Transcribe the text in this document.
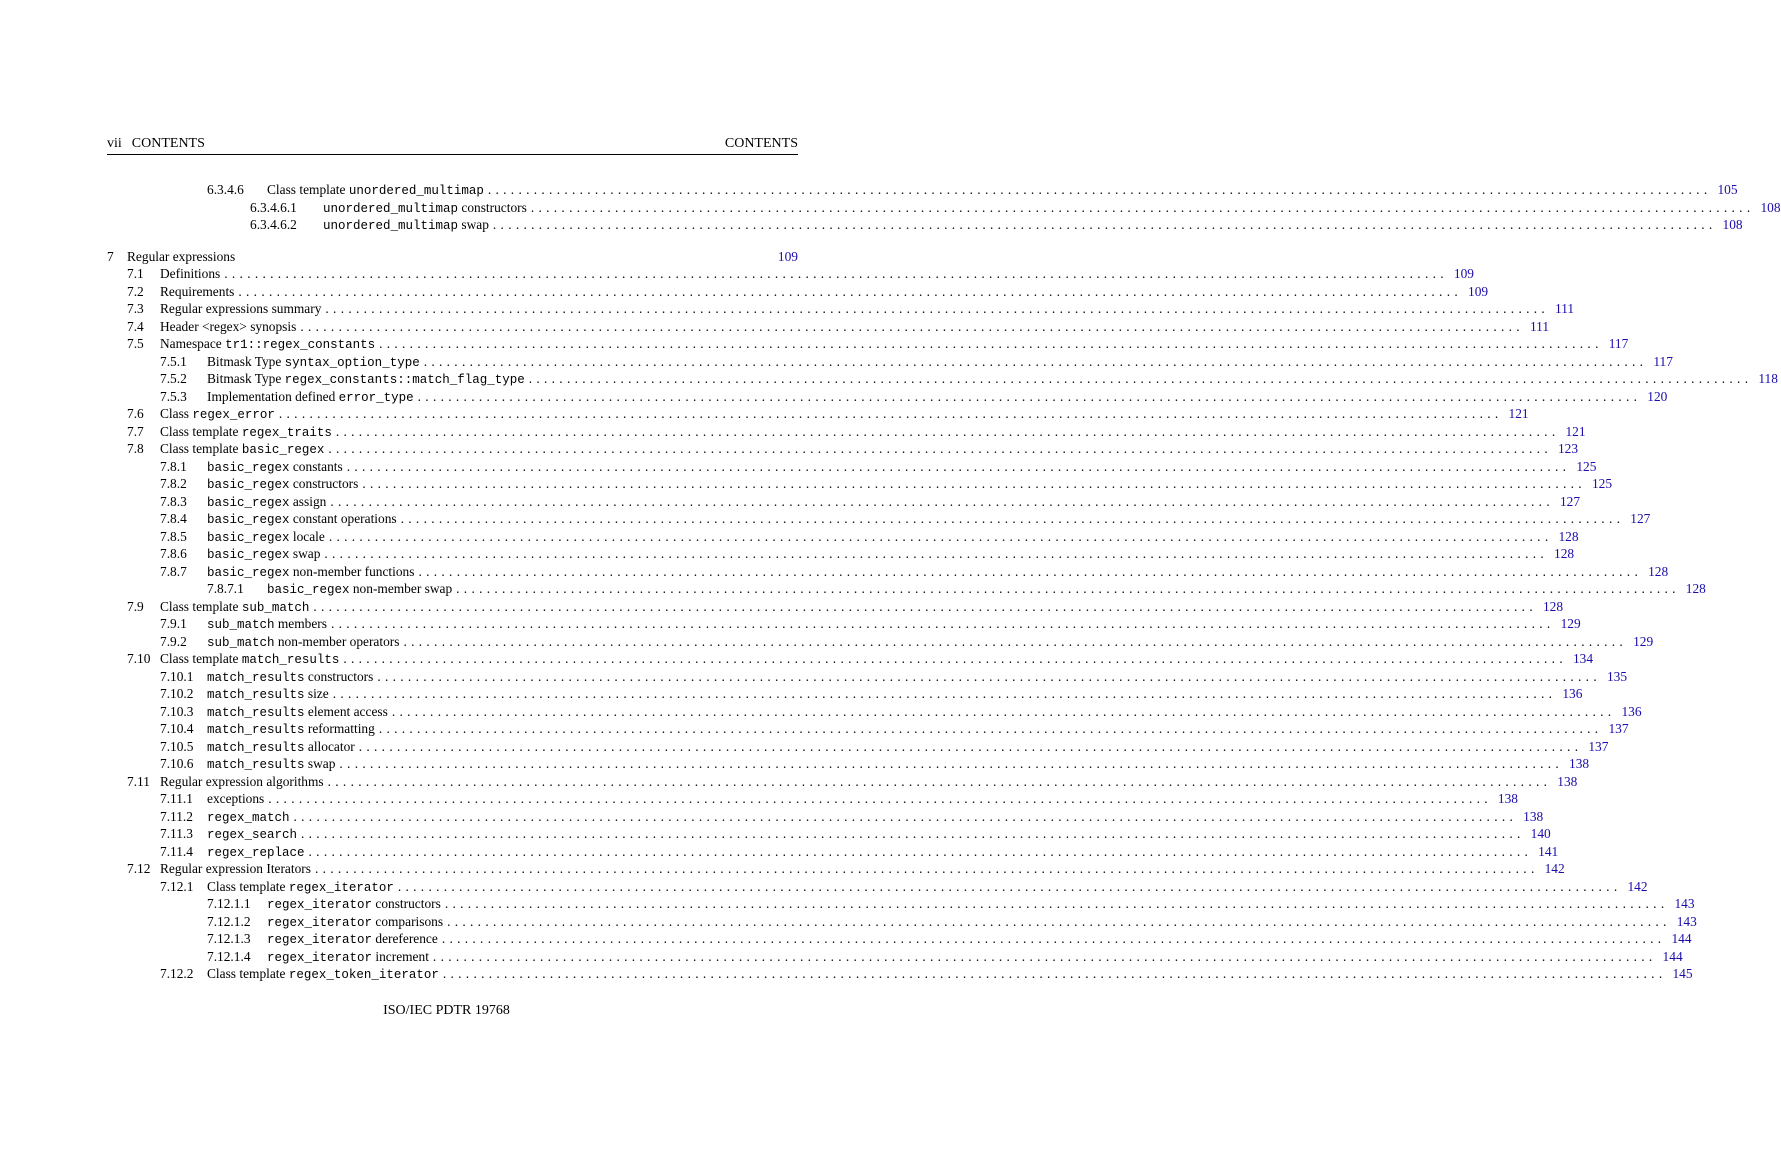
vii CONTENTS	CONTENTS
6.3.4.6 Class template unordered_multimap ................................................................................................................................................................ 105
6.3.4.6.1 unordered_multimap constructors ................................................................................................................................................................ 108
6.3.4.6.2 unordered_multimap swap ................................................................................................................................................................ 108
7 Regular expressions	109
7.1 Definitions ................................................................................................................................................................ 109
7.2 Requirements ................................................................................................................................................................ 109
7.3 Regular expressions summary ................................................................................................................................................................ 111
7.4 Header <regex> synopsis ................................................................................................................................................................ 111
7.5 Namespace tr1::regex_constants ................................................................................................................................................................ 117
7.5.1 Bitmask Type syntax_option_type ................................................................................................................................................................ 117
7.5.2 Bitmask Type regex_constants::match_flag_type ................................................................................................................................................................ 118
7.5.3 Implementation defined error_type ................................................................................................................................................................ 120
7.6 Class regex_error ................................................................................................................................................................ 121
7.7 Class template regex_traits ................................................................................................................................................................ 121
7.8 Class template basic_regex ................................................................................................................................................................ 123
7.8.1 basic_regex constants ................................................................................................................................................................ 125
7.8.2 basic_regex constructors ................................................................................................................................................................ 125
7.8.3 basic_regex assign ................................................................................................................................................................ 127
7.8.4 basic_regex constant operations ................................................................................................................................................................ 127
7.8.5 basic_regex locale ................................................................................................................................................................ 128
7.8.6 basic_regex swap ................................................................................................................................................................ 128
7.8.7 basic_regex non-member functions ................................................................................................................................................................ 128
7.8.7.1 basic_regex non-member swap ................................................................................................................................................................ 128
7.9 Class template sub_match ................................................................................................................................................................ 128
7.9.1 sub_match members ................................................................................................................................................................ 129
7.9.2 sub_match non-member operators ................................................................................................................................................................ 129
7.10 Class template match_results ................................................................................................................................................................ 134
7.10.1 match_results constructors ................................................................................................................................................................ 135
7.10.2 match_results size ................................................................................................................................................................ 136
7.10.3 match_results element access ................................................................................................................................................................ 136
7.10.4 match_results reformatting ................................................................................................................................................................ 137
7.10.5 match_results allocator ................................................................................................................................................................ 137
7.10.6 match_results swap ................................................................................................................................................................ 138
7.11 Regular expression algorithms ................................................................................................................................................................ 138
7.11.1 exceptions ................................................................................................................................................................ 138
7.11.2 regex_match ................................................................................................................................................................ 138
7.11.3 regex_search ................................................................................................................................................................ 140
7.11.4 regex_replace ................................................................................................................................................................ 141
7.12 Regular expression Iterators ................................................................................................................................................................ 142
7.12.1 Class template regex_iterator ................................................................................................................................................................ 142
7.12.1.1 regex_iterator constructors ................................................................................................................................................................ 143
7.12.1.2 regex_iterator comparisons ................................................................................................................................................................ 143
7.12.1.3 regex_iterator dereference ................................................................................................................................................................ 144
7.12.1.4 regex_iterator increment ................................................................................................................................................................ 144
7.12.2 Class template regex_token_iterator ................................................................................................................................................................ 145
ISO/IEC PDTR 19768
